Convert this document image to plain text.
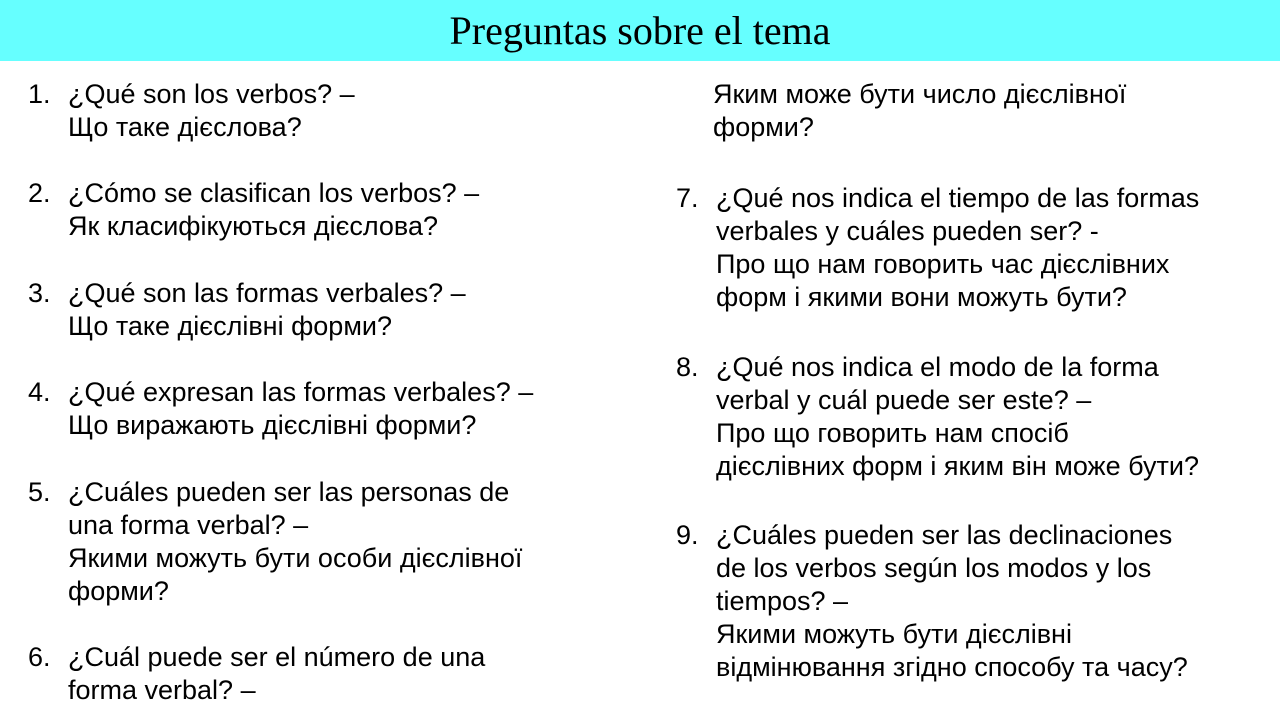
Preguntas sobre el tema
1. ¿Qué son los verbos? –
Що таке дієслова?
2. ¿Cómo se clasifican los verbos? –
Як класифікуються дієслова?
3. ¿Qué son las formas verbales? –
Що таке дієслівні форми?
4. ¿Qué expresan las formas verbales? –
Що виражають дієслівні форми?
5. ¿Cuáles pueden ser las personas de
una forma verbal? –
Якими можуть бути особи дієслівної
форми?
6. ¿Cuál puede ser el número de una
forma verbal? –
Яким може бути число дієслівної
форми?
7. ¿Qué nos indica el tiempo de las formas
verbales y cuáles pueden ser? -
Про що нам говорить час дієслівних
форм і якими вони можуть бути?
8. ¿Qué nos indica el modo de la forma
verbal y cuál puede ser este? –
Про що говорить нам спосіб
дієслівних форм і яким він може бути?
9. ¿Cuáles pueden ser las declinaciones
de los verbos según los modos y los
tiempos? –
Якими можуть бути дієслівні
відмінювання згідно способу та часу?
